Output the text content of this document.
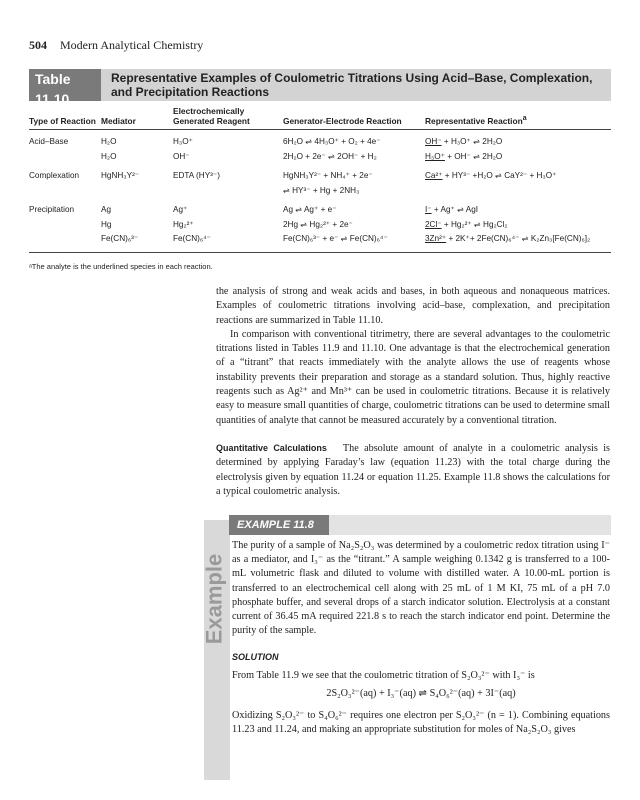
504 Modern Analytical Chemistry
Table 11.10
Representative Examples of Coulometric Titrations Using Acid–Base, Complexation, and Precipitation Reactions
Type of Reaction	Mediator	Electrochemically Generated Reagent	Generator-Electrode Reaction	Representative Reaction$^a$
Acid–Base	H₂O	H₃O⁺	6H₂O ⇌ 4H₃O⁺ + O₂ + 4e⁻	OH⁻ + H₃O⁺ ⇌ 2H₂O
	H₂O	OH⁻	2H₂O + 2e⁻ ⇌ 2OH⁻ + H₂	H₃O⁺ + OH⁻ ⇌ 2H₂O
Complexation	HgNH₃Y²⁻	EDTA (HY³⁻)	HgNH₃Y²⁻ + NH₄⁺ + 2e⁻	Ca²⁺ + HY³⁻ +H₂O ⇌ CaY²⁻ + H₃O⁺
			⇌ HY³⁻ + Hg + 2NH₃	
Precipitation	Ag	Ag⁺	Ag ⇌ Ag⁺ + e⁻	I⁻ + Ag⁺ ⇌ AgI
	Hg	Hg₂²⁺	2Hg ⇌ Hg₂²⁺ + 2e⁻	2Cl⁻ + Hg₂²⁺ ⇌ Hg₂Cl₂
	Fe(CN)₆³⁻	Fe(CN)₆⁴⁻	Fe(CN)₆³⁻ + e⁻ ⇌ Fe(CN)₆⁴⁻	3Zn²⁺ + 2K⁺+ 2Fe(CN)₆⁴⁻ ⇌ K₂Zn₃[Fe(CN)₆]₂
ᵃThe analyte is the underlined species in each reaction.

the analysis of strong and weak acids and bases, in both aqueous and nonaqueous matrices. Examples of coulometric titrations involving acid–base, complexation, and precipitation reactions are summarized in Table 11.10.

In comparison with conventional titrimetry, there are several advantages to the coulometric titrations listed in Tables 11.9 and 11.10. One advantage is that the electrochemical generation of a “titrant” that reacts immediately with the analyte allows the use of reagents whose instability prevents their preparation and storage as a standard solution. Thus, highly reactive reagents such as Ag²⁺ and Mn³⁺ can be used in coulometric titrations. Because it is relatively easy to measure small quantities of charge, coulometric titrations can be used to determine small quantities of analyte that cannot be measured accurately by a conventional titration.

Quantitative Calculations The absolute amount of analyte in a coulometric analysis is determined by applying Faraday’s law (equation 11.23) with the total charge during the electrolysis given by equation 11.24 or equation 11.25. Example 11.8 shows the calculations for a typical coulometric analysis.

Example
EXAMPLE 11.8
The purity of a sample of Na₂S₂O₃ was determined by a coulometric redox titration using I⁻ as a mediator, and I₃⁻ as the “titrant.” A sample weighing 0.1342 g is transferred to a 100-mL volumetric flask and diluted to volume with distilled water. A 10.00-mL portion is transferred to an electrochemical cell along with 25 mL of 1 M KI, 75 mL of a pH 7.0 phosphate buffer, and several drops of a starch indicator solution. Electrolysis at a constant current of 36.45 mA required 221.8 s to reach the starch indicator end point. Determine the purity of the sample.
SOLUTION
From Table 11.9 we see that the coulometric titration of S₂O₃²⁻ with I₃⁻ is
2S₂O₃²⁻(aq) + I₃⁻(aq) ⇌ S₄O₆²⁻(aq) + 3I⁻(aq)
Oxidizing S₂O₃²⁻ to S₄O₆²⁻ requires one electron per S₂O₃²⁻ (n = 1). Combining equations 11.23 and 11.24, and making an appropriate substitution for moles of Na₂S₂O₃ gives
